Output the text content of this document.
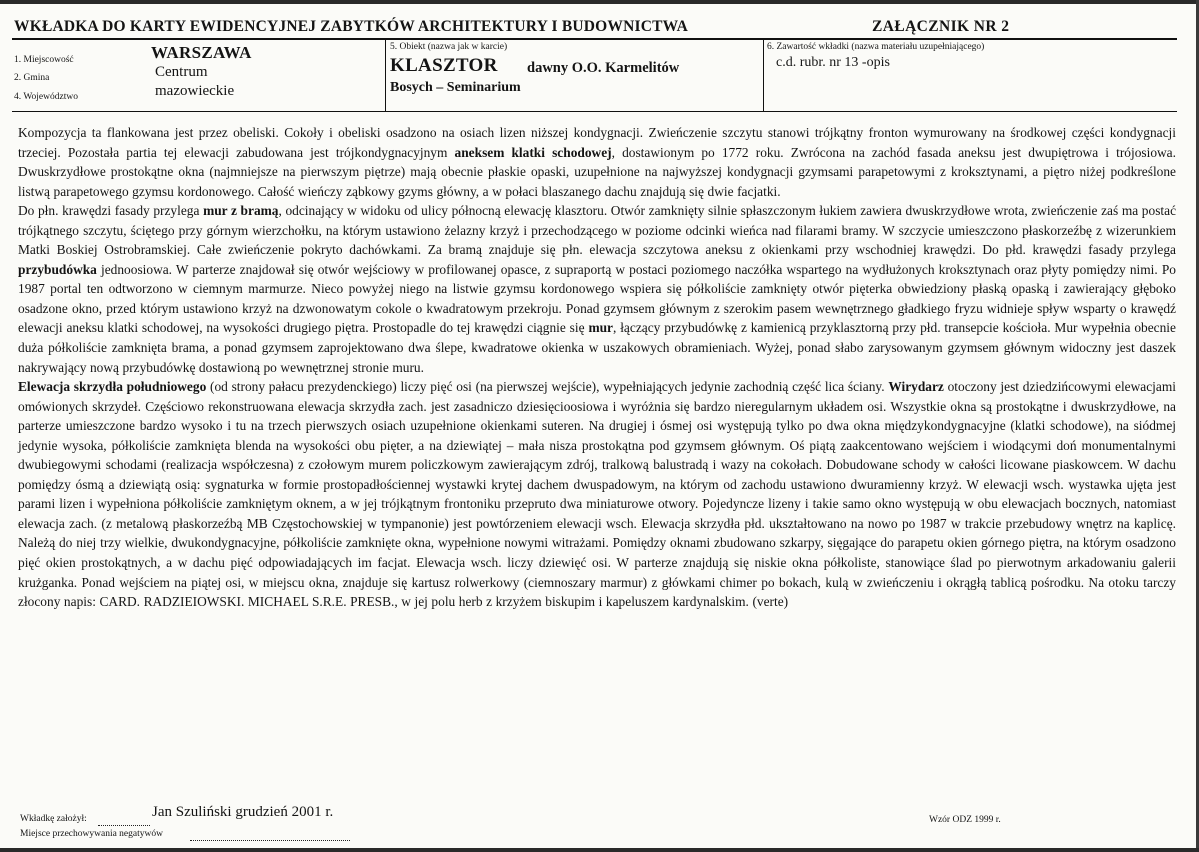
WKŁADKA DO KARTY EWIDENCYJNEJ ZABYTKÓW ARCHITEKTURY I BUDOWNICTWA	ZAŁĄCZNIK NR 2
1. Miejscowość
2. Gmina
4. Województwo
WARSZAWA
Centrum
mazowieckie
5. Obiekt (nazwa jak w karcie)
KLASZTOR dawny O.O. Karmelitów
Bosych – Seminarium
6. Zawartość wkładki (nazwa materiału uzupełniającego)
c.d. rubr. nr 13 -opis

Kompozycja ta flankowana jest przez obeliski. Cokoły i obeliski osadzono na osiach lizen niższej kondygnacji. Zwieńczenie szczytu stanowi trójkątny fronton wymurowany na środkowej części kondygnacji trzeciej. Pozostała partia tej elewacji zabudowana jest trójkondygnacyjnym aneksem klatki schodowej, dostawionym po 1772 roku. Zwrócona na zachód fasada aneksu jest dwupiętrowa i trójosiowa. Dwuskrzydłowe prostokątne okna (najmniejsze na pierwszym piętrze) mają obecnie płaskie opaski, uzupełnione na najwyższej kondygnacji gzymsami parapetowymi z kroksztynami, a piętro niżej podkreślone listwą parapetowego gzymsu kordonowego. Całość wieńczy ząbkowy gzyms główny, a w połaci blaszanego dachu znajdują się dwie facjatki.

Do płn. krawędzi fasady przylega mur z bramą, odcinający w widoku od ulicy północną elewację klasztoru. Otwór zamknięty silnie spłaszczonym łukiem zawiera dwuskrzydłowe wrota, zwieńczenie zaś ma postać trójkątnego szczytu, ściętego przy górnym wierzchołku, na którym ustawiono żelazny krzyż i przechodzącego w poziome odcinki wieńca nad filarami bramy. W szczycie umieszczono płaskorzeźbę z wizerunkiem Matki Boskiej Ostrobramskiej. Całe zwieńczenie pokryto dachówkami. Za bramą znajduje się płn. elewacja szczytowa aneksu z okienkami przy wschodniej krawędzi. Do płd. krawędzi fasady przylega przybudówka jednoosiowa. W parterze znajdował się otwór wejściowy w profilowanej opasce, z supraportą w postaci poziomego naczółka wspartego na wydłużonych kroksztynach oraz płyty pomiędzy nimi. Po 1987 portal ten odtworzono w ciemnym marmurze. Nieco powyżej niego na listwie gzymsu kordonowego wspiera się półkoliście zamknięty otwór pięterka obwiedziony płaską opaską i zawierający głęboko osadzone okno, przed którym ustawiono krzyż na dzwonowatym cokole o kwadratowym przekroju. Ponad gzymsem głównym z szerokim pasem wewnętrznego gładkiego fryzu widnieje spływ wsparty o krawędź elewacji aneksu klatki schodowej, na wysokości drugiego piętra. Prostopadle do tej krawędzi ciągnie się mur, łączący przybudówkę z kamienicą przyklasztorną przy płd. transepcie kościoła. Mur wypełnia obecnie duża półkoliście zamknięta brama, a ponad gzymsem zaprojektowano dwa ślepe, kwadratowe okienka w uszakowych obramieniach. Wyżej, ponad słabo zarysowanym gzymsem głównym widoczny jest daszek nakrywający nową przybudówkę dostawioną po wewnętrznej stronie muru.

Elewacja skrzydła południowego (od strony pałacu prezydenckiego) liczy pięć osi (na pierwszej wejście), wypełniających jedynie zachodnią część lica ściany. Wirydarz otoczony jest dziedzińcowymi elewacjami omówionych skrzydeł. Częściowo rekonstruowana elewacja skrzydła zach. jest zasadniczo dziesięcioosiowa i wyróżnia się bardzo nieregularnym układem osi. Wszystkie okna są prostokątne i dwuskrzydłowe, na parterze umieszczone bardzo wysoko i tu na trzech pierwszych osiach uzupełnione okienkami suteren. Na drugiej i ósmej osi występują tylko po dwa okna międzykondygnacyjne (klatki schodowe), na siódmej jedynie wysoka, półkoliście zamknięta blenda na wysokości obu pięter, a na dziewiątej – mała nisza prostokątna pod gzymsem głównym. Oś piątą zaakcentowano wejściem i wiodącymi doń monumentalnymi dwubiegowymi schodami (realizacja współczesna) z czołowym murem policzkowym zawierającym zdrój, tralkową balustradą i wazy na cokołach. Dobudowane schody w całości licowane piaskowcem. W dachu pomiędzy ósmą a dziewiątą osią: sygnaturka w formie prostopadłościennej wystawki krytej dachem dwuspadowym, na którym od zachodu ustawiono dwuramienny krzyż. W elewacji wsch. wystawka ujęta jest parami lizen i wypełniona półkoliście zamkniętym oknem, a w jej trójkątnym frontoniku przepruto dwa miniaturowe otwory. Pojedyncze lizeny i takie samo okno występują w obu elewacjach bocznych, natomiast elewacja zach. (z metalową płaskorzeźbą MB Częstochowskiej w tympanonie) jest powtórzeniem elewacji wsch. Elewacja skrzydła płd. ukształtowano na nowo po 1987 w trakcie przebudowy wnętrz na kaplicę. Należą do niej trzy wielkie, dwukondygnacyjne, półkoliście zamknięte okna, wypełnione nowymi witrażami. Pomiędzy oknami zbudowano szkarpy, sięgające do parapetu okien górnego piętra, na którym osadzono pięć okien prostokątnych, a w dachu pięć odpowiadających im facjat. Elewacja wsch. liczy dziewięć osi. W parterze znajdują się niskie okna półkoliste, stanowiące ślad po pierwotnym arkadowaniu galerii krużganka. Ponad wejściem na piątej osi, w miejscu okna, znajduje się kartusz rolwerkowy (ciemnoszary marmur) z główkami chimer po bokach, kulą w zwieńczeniu i okrągłą tablicą pośrodku. Na otoku tarczy złocony napis: CARD. RADZIEIOWSKI. MICHAEL S.R.E. PRESB., w jej polu herb z krzyżem biskupim i kapeluszem kardynalskim. (verte)

Wkładkę założył:	Jan Szuliński grudzień 2001 r.
Miejsce przechowywania negatywów
Wzór ODZ 1999 r.
